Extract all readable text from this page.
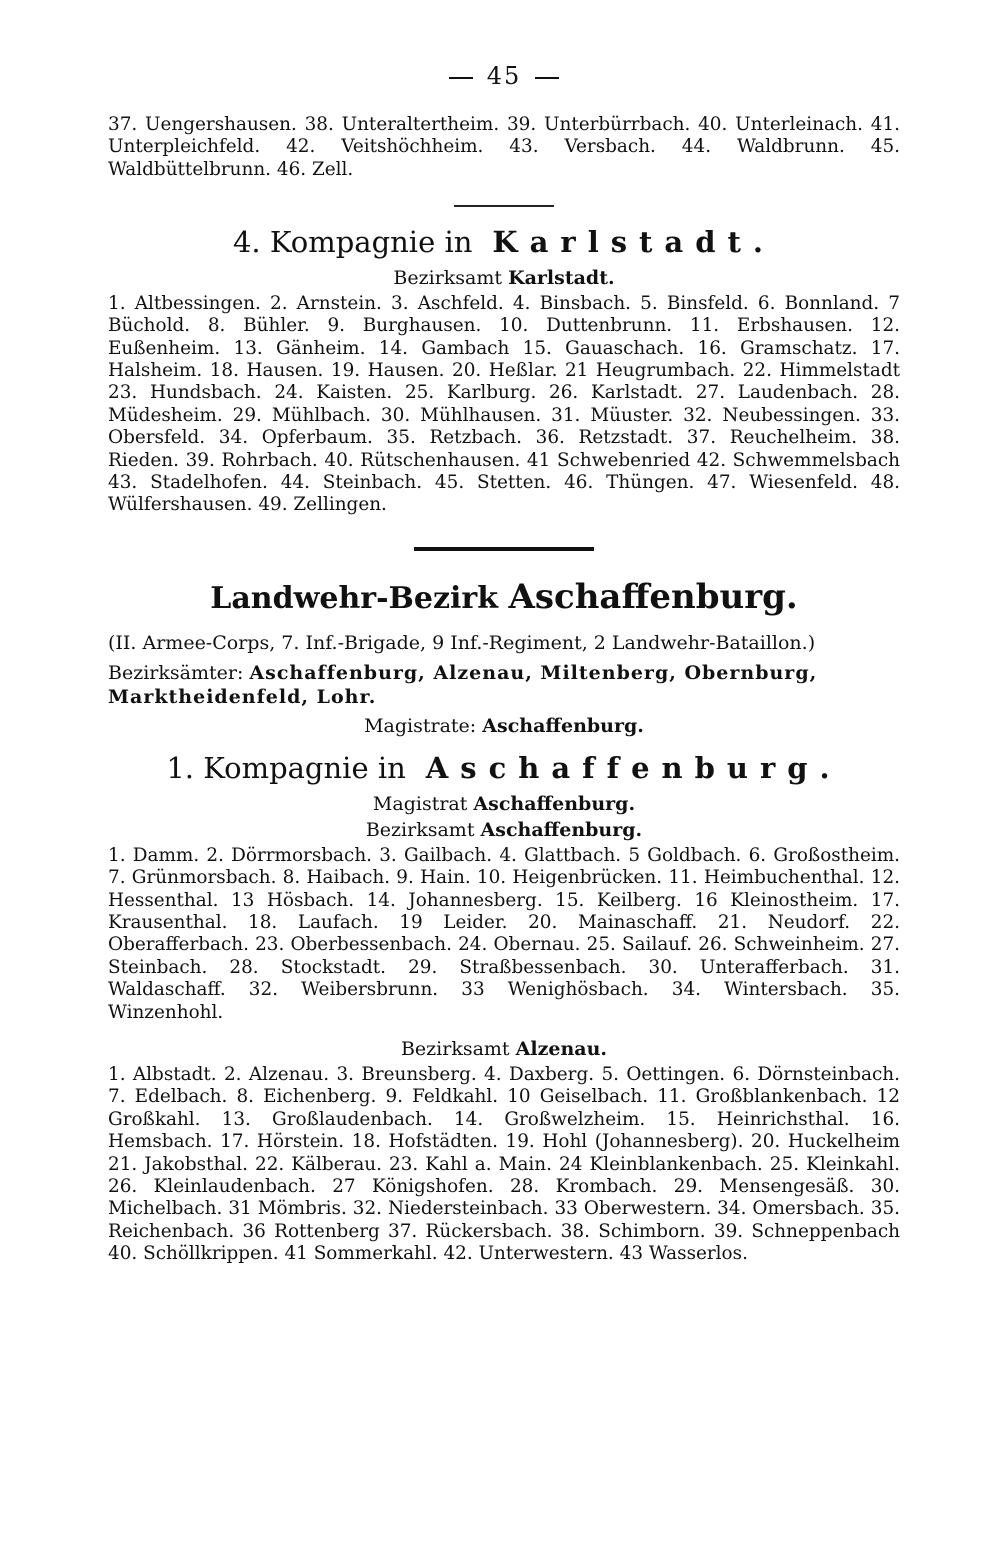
45

37. Uengershausen. 38. Unteraltertheim. 39. Unterbürrbach. 40. Unterleinach. 41. Unterpleichfeld. 42. Veitshöchheim. 43. Versbach. 44. Waldbrunn. 45. Waldbüttelbrunn. 46. Zell.

4. Kompagnie in Karlstadt.
Bezirksamt Karlstadt.

1. Altbessingen. 2. Arnstein. 3. Aschfeld. 4. Binsbach. 5. Binsfeld. 6. Bonnland. 7 Büchold. 8. Bühler. 9. Burghausen. 10. Duttenbrunn. 11. Erbshausen. 12. Eußenheim. 13. Gänheim. 14. Gambach 15. Gauaschach. 16. Gramschatz. 17. Halsheim. 18. Hausen. 19. Hausen. 20. Heßlar. 21 Heugrumbach. 22. Himmelstadt 23. Hundsbach. 24. Kaisten. 25. Karlburg. 26. Karlstadt. 27. Laudenbach. 28. Müdesheim. 29. Mühlbach. 30. Mühlhausen. 31. Müuster. 32. Neubessingen. 33. Obersfeld. 34. Opferbaum. 35. Retzbach. 36. Retzstadt. 37. Reuchelheim. 38. Rieden. 39. Rohrbach. 40. Rütschenhausen. 41 Schwebenried 42. Schwemmelsbach 43. Stadelhofen. 44. Steinbach. 45. Stetten. 46. Thüngen. 47. Wiesenfeld. 48. Wülfershausen. 49. Zellingen.

Landwehr-Bezirk Aschaffenburg.

(II. Armee-Corps, 7. Inf.-Brigade, 9 Inf.-Regiment, 2 Landwehr-Bataillon.)

Bezirksämter: Aschaffenburg, Alzenau, Miltenberg, Obernburg, Marktheidenfeld, Lohr.

Magistrate: Aschaffenburg.
1. Kompagnie in Aschaffenburg.
Magistrat Aschaffenburg.
Bezirksamt Aschaffenburg.

1. Damm. 2. Dörrmorsbach. 3. Gailbach. 4. Glattbach. 5 Goldbach. 6. Großostheim. 7. Grünmorsbach. 8. Haibach. 9. Hain. 10. Heigenbrücken. 11. Heimbuchenthal. 12. Hessenthal. 13 Hösbach. 14. Johannesberg. 15. Keilberg. 16 Kleinostheim. 17. Krausenthal. 18. Laufach. 19 Leider. 20. Mainaschaff. 21. Neudorf. 22. Oberafferbach. 23. Oberbessenbach. 24. Obernau. 25. Sailauf. 26. Schweinheim. 27. Steinbach. 28. Stockstadt. 29. Straßbessenbach. 30. Unterafferbach. 31. Waldaschaff. 32. Weibersbrunn. 33 Wenighösbach. 34. Wintersbach. 35. Winzenhohl.

Bezirksamt Alzenau.

1. Albstadt. 2. Alzenau. 3. Breunsberg. 4. Daxberg. 5. Oettingen. 6. Dörnsteinbach. 7. Edelbach. 8. Eichenberg. 9. Feldkahl. 10 Geiselbach. 11. Großblankenbach. 12 Großkahl. 13. Großlaudenbach. 14. Großwelzheim. 15. Heinrichsthal. 16. Hemsbach. 17. Hörstein. 18. Hofstädten. 19. Hohl (Johannesberg). 20. Huckelheim 21. Jakobsthal. 22. Kälberau. 23. Kahl a. Main. 24 Kleinblankenbach. 25. Kleinkahl. 26. Kleinlaudenbach. 27 Königshofen. 28. Krombach. 29. Mensengesäß. 30. Michelbach. 31 Mömbris. 32. Niedersteinbach. 33 Oberwestern. 34. Omersbach. 35. Reichenbach. 36 Rottenberg 37. Rückersbach. 38. Schimborn. 39. Schneppenbach 40. Schöllkrippen. 41 Sommerkahl. 42. Unterwestern. 43 Wasserlos.
